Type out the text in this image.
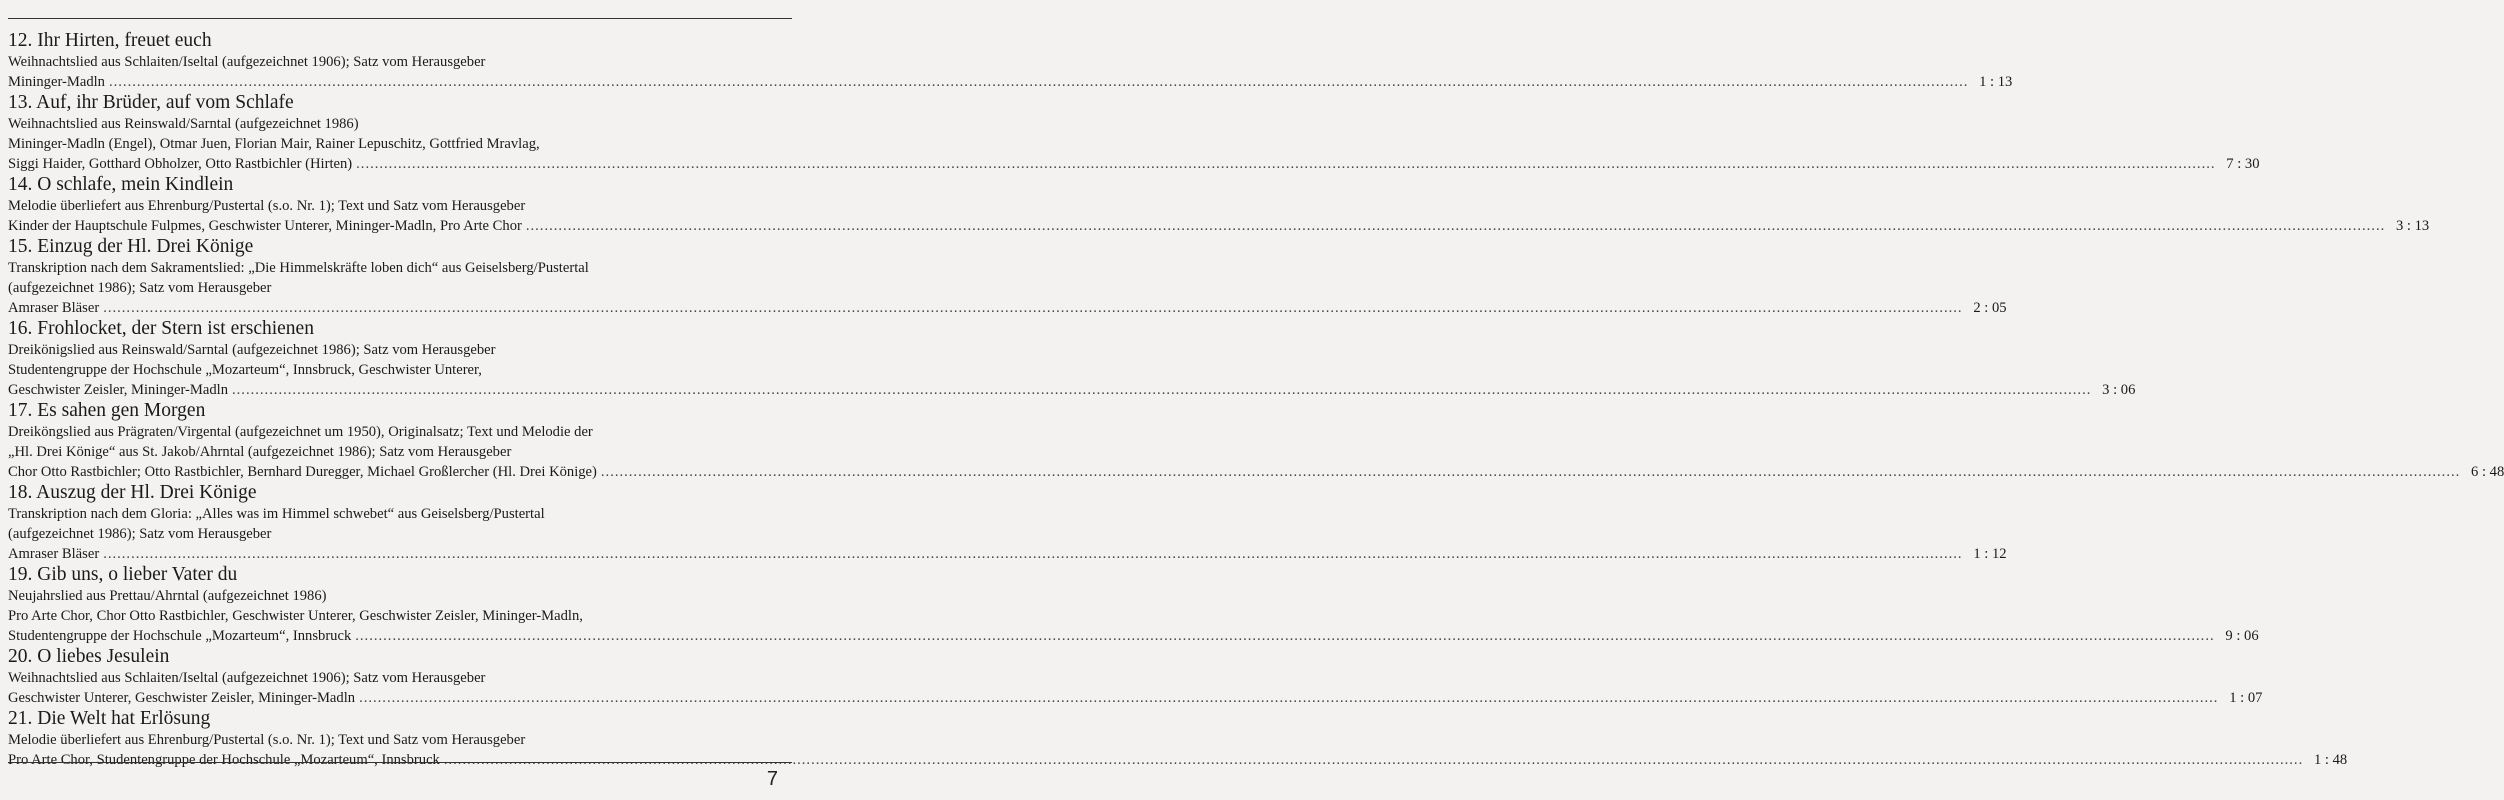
12. Ihr Hirten, freuet euch
Weihnachtslied aus Schlaiten/Iseltal (aufgezeichnet 1906); Satz vom Herausgeber
Mininger-Madln ................................................................................................................................................................................................................................................................................................................................................................................................................ 1 : 13
13. Auf, ihr Brüder, auf vom Schlafe
Weihnachtslied aus Reinswald/Sarntal (aufgezeichnet 1986)
Mininger-Madln (Engel), Otmar Juen, Florian Mair, Rainer Lepuschitz, Gottfried Mravlag,
Siggi Haider, Gotthard Obholzer, Otto Rastbichler (Hirten) ................................................................................................................................................................................................................................................................................................................................................................................................................ 7 : 30
14. O schlafe, mein Kindlein
Melodie überliefert aus Ehrenburg/Pustertal (s.o. Nr. 1); Text und Satz vom Herausgeber
Kinder der Hauptschule Fulpmes, Geschwister Unterer, Mininger-Madln, Pro Arte Chor ................................................................................................................................................................................................................................................................................................................................................................................................................ 3 : 13
15. Einzug der Hl. Drei Könige
Transkription nach dem Sakramentslied: „Die Himmelskräfte loben dich“ aus Geiselsberg/Pustertal
(aufgezeichnet 1986); Satz vom Herausgeber
Amraser Bläser ................................................................................................................................................................................................................................................................................................................................................................................................................ 2 : 05
16. Frohlocket, der Stern ist erschienen
Dreikönigslied aus Reinswald/Sarntal (aufgezeichnet 1986); Satz vom Herausgeber
Studentengruppe der Hochschule „Mozarteum“, Innsbruck, Geschwister Unterer,
Geschwister Zeisler, Mininger-Madln ................................................................................................................................................................................................................................................................................................................................................................................................................ 3 : 06
17. Es sahen gen Morgen
Dreiköngslied aus Prägraten/Virgental (aufgezeichnet um 1950), Originalsatz; Text und Melodie der
„Hl. Drei Könige“ aus St. Jakob/Ahrntal (aufgezeichnet 1986); Satz vom Herausgeber
Chor Otto Rastbichler; Otto Rastbichler, Bernhard Duregger, Michael Großlercher (Hl. Drei Könige) ................................................................................................................................................................................................................................................................................................................................................................................................................ 6 : 48
18. Auszug der Hl. Drei Könige
Transkription nach dem Gloria: „Alles was im Himmel schwebet“ aus Geiselsberg/Pustertal
(aufgezeichnet 1986); Satz vom Herausgeber
Amraser Bläser ................................................................................................................................................................................................................................................................................................................................................................................................................ 1 : 12
19. Gib uns, o lieber Vater du
Neujahrslied aus Prettau/Ahrntal (aufgezeichnet 1986)
Pro Arte Chor, Chor Otto Rastbichler, Geschwister Unterer, Geschwister Zeisler, Mininger-Madln,
Studentengruppe der Hochschule „Mozarteum“, Innsbruck ................................................................................................................................................................................................................................................................................................................................................................................................................ 9 : 06
20. O liebes Jesulein
Weihnachtslied aus Schlaiten/Iseltal (aufgezeichnet 1906); Satz vom Herausgeber
Geschwister Unterer, Geschwister Zeisler, Mininger-Madln ................................................................................................................................................................................................................................................................................................................................................................................................................ 1 : 07
21. Die Welt hat Erlösung
Melodie überliefert aus Ehrenburg/Pustertal (s.o. Nr. 1); Text und Satz vom Herausgeber
Pro Arte Chor, Studentengruppe der Hochschule „Mozarteum“, Innsbruck ................................................................................................................................................................................................................................................................................................................................................................................................................ 1 : 48
7
